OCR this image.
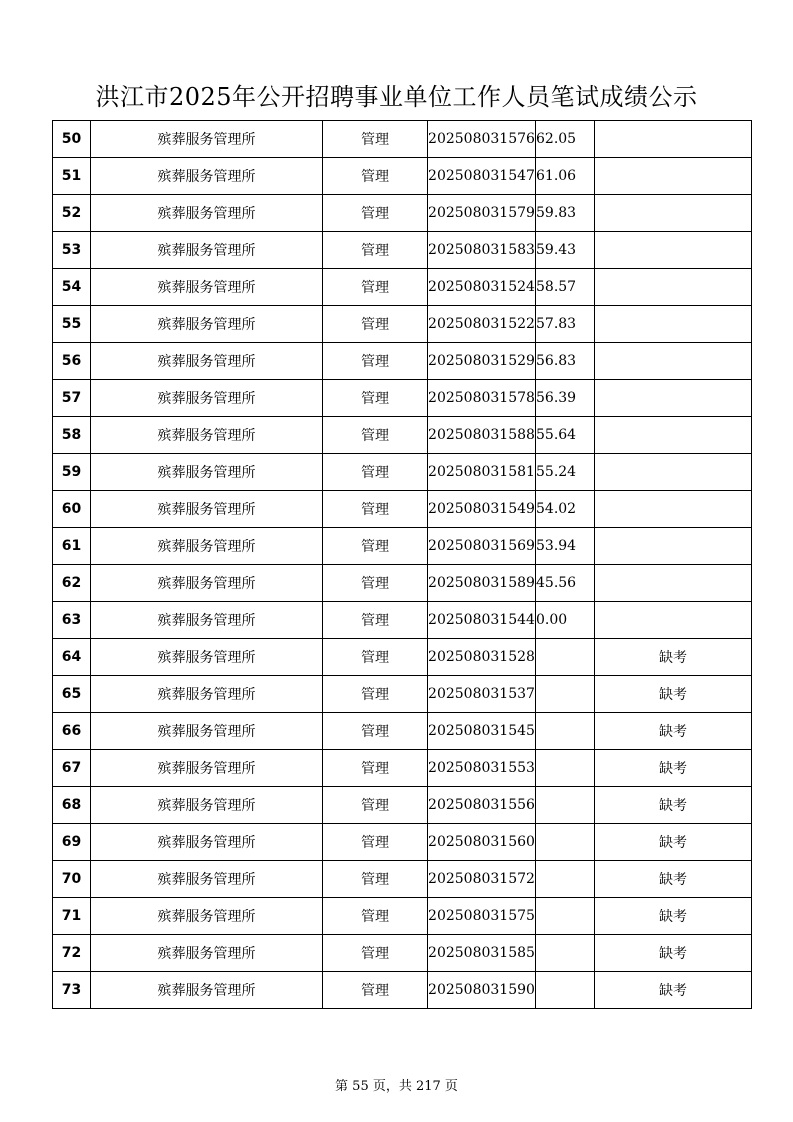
洪江市2025年公开招聘事业单位工作人员笔试成绩公示
50	殡葬服务管理所	管理	202508031576	62.05	
51	殡葬服务管理所	管理	202508031547	61.06	
52	殡葬服务管理所	管理	202508031579	59.83	
53	殡葬服务管理所	管理	202508031583	59.43	
54	殡葬服务管理所	管理	202508031524	58.57	
55	殡葬服务管理所	管理	202508031522	57.83	
56	殡葬服务管理所	管理	202508031529	56.83	
57	殡葬服务管理所	管理	202508031578	56.39	
58	殡葬服务管理所	管理	202508031588	55.64	
59	殡葬服务管理所	管理	202508031581	55.24	
60	殡葬服务管理所	管理	202508031549	54.02	
61	殡葬服务管理所	管理	202508031569	53.94	
62	殡葬服务管理所	管理	202508031589	45.56	
63	殡葬服务管理所	管理	202508031544	0.00	
64	殡葬服务管理所	管理	202508031528		缺考
65	殡葬服务管理所	管理	202508031537		缺考
66	殡葬服务管理所	管理	202508031545		缺考
67	殡葬服务管理所	管理	202508031553		缺考
68	殡葬服务管理所	管理	202508031556		缺考
69	殡葬服务管理所	管理	202508031560		缺考
70	殡葬服务管理所	管理	202508031572		缺考
71	殡葬服务管理所	管理	202508031575		缺考
72	殡葬服务管理所	管理	202508031585		缺考
73	殡葬服务管理所	管理	202508031590		缺考
第 55 页，共 217 页
